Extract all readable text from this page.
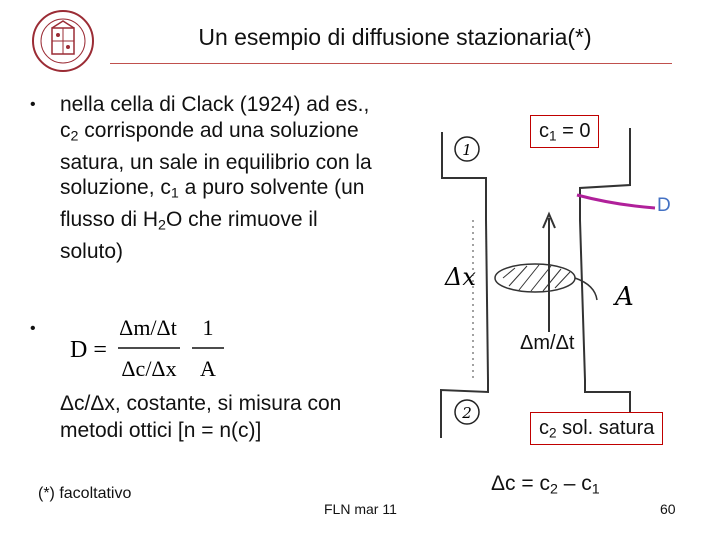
Un esempio di diffusione stazionaria(*)
• nella cella di Clack (1924) ad es., $c_2$ corrisponde ad una soluzione satura, un sale in equilibrio con la soluzione, $c_1$ a puro solvente (un flusso di $H_2O$ che rimuove il soluto)
•
D =
Δm/Δt
Δc/Δx
1
A
Δc/Δx, costante, si misura con metodi ottici [n = n(c)]
(*) facoltativo
FLN mar 11	60
1
2
Δx
A
$c_1 = 0$
D
Δm/Δt
$c_2$ sol. satura
$\Delta c = c_2 - c_1$
